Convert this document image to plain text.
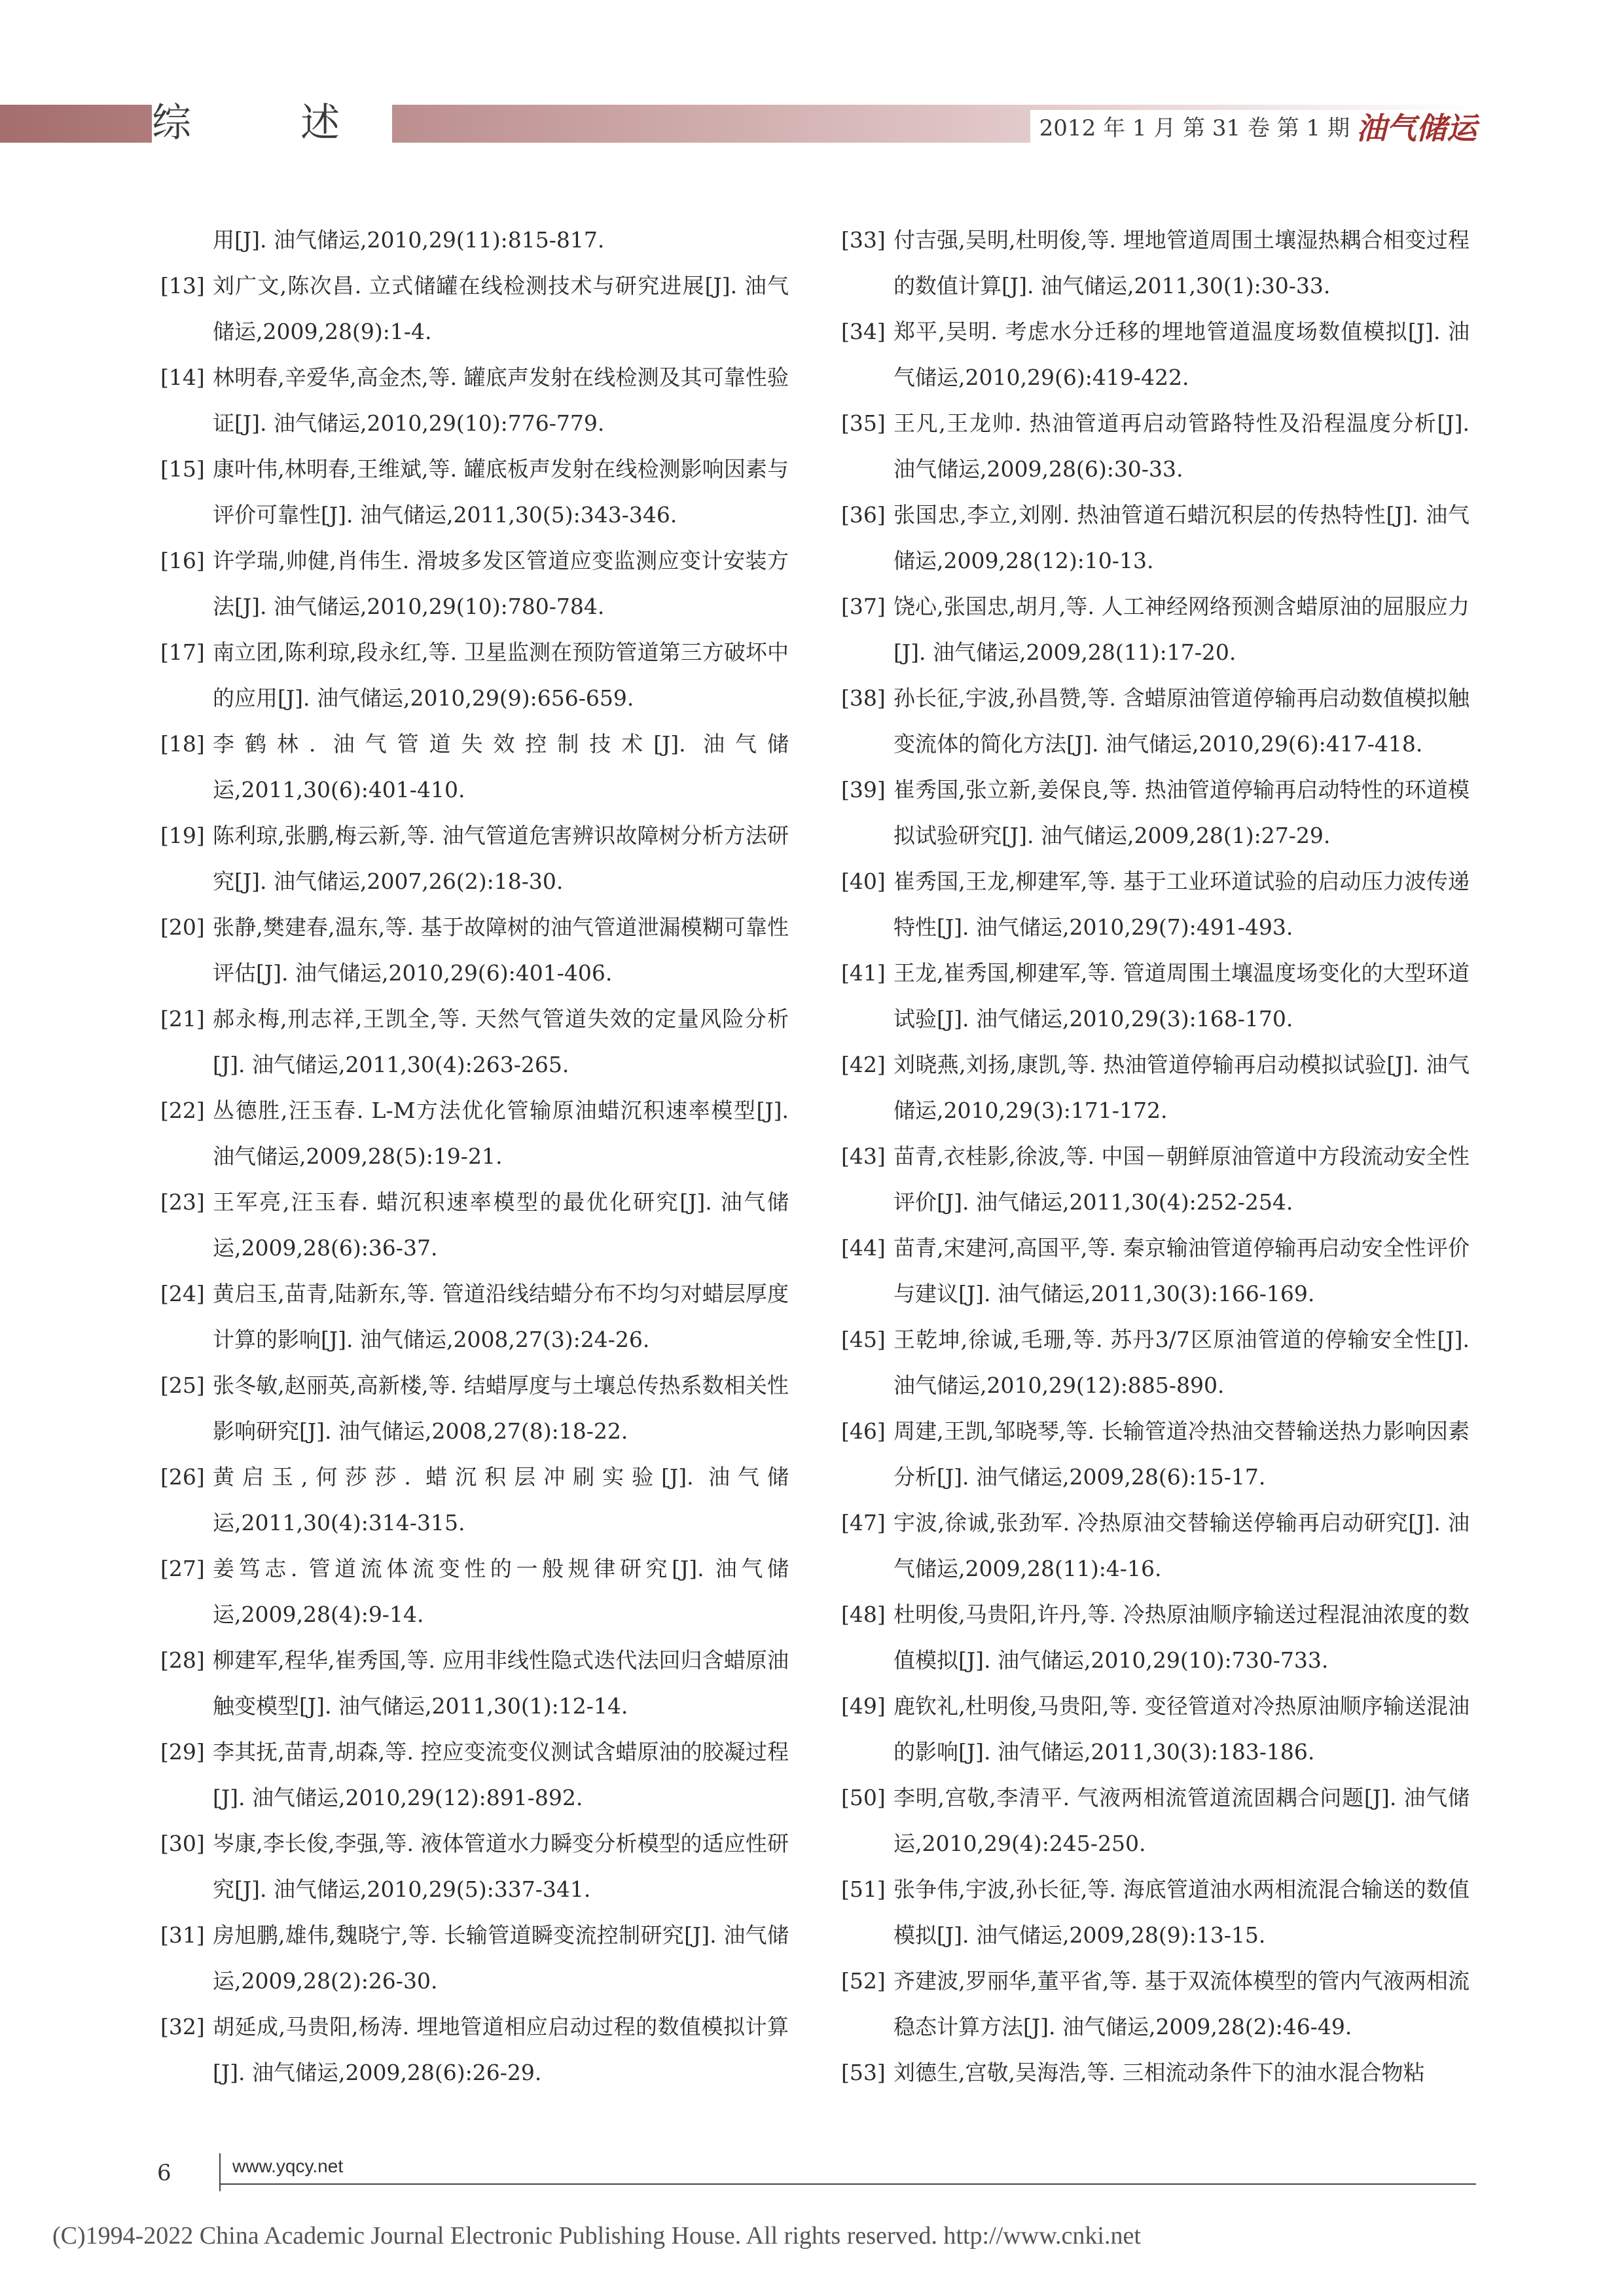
综 述	2012 年 1 月 第 31 卷 第 1 期 油气储运
用[J]. 油气储运,2010,29(11):815-817.
[13] 刘广文,陈次昌. 立式储罐在线检测技术与研究进展[J]. 油气储运,2009,28(9):1-4.
[14] 林明春,辛爱华,高金杰,等. 罐底声发射在线检测及其可靠性验证[J]. 油气储运,2010,29(10):776-779.
[15] 康叶伟,林明春,王维斌,等. 罐底板声发射在线检测影响因素与评价可靠性[J]. 油气储运,2011,30(5):343-346.
[16] 许学瑞,帅健,肖伟生. 滑坡多发区管道应变监测应变计安装方法[J]. 油气储运,2010,29(10):780-784.
[17] 南立团,陈利琼,段永红,等. 卫星监测在预防管道第三方破坏中的应用[J]. 油气储运,2010,29(9):656-659.
[18] 李鹤林. 油气管道失效控制技术[J]. 油气储运,2011,30(6):401-410.
[19] 陈利琼,张鹏,梅云新,等. 油气管道危害辨识故障树分析方法研究[J]. 油气储运,2007,26(2):18-30.
[20] 张静,樊建春,温东,等. 基于故障树的油气管道泄漏模糊可靠性评估[J]. 油气储运,2010,29(6):401-406.
[21] 郝永梅,刑志祥,王凯全,等. 天然气管道失效的定量风险分析[J]. 油气储运,2011,30(4):263-265.
[22] 丛德胜,汪玉春. L-M方法优化管输原油蜡沉积速率模型[J]. 油气储运,2009,28(5):19-21.
[23] 王军亮,汪玉春. 蜡沉积速率模型的最优化研究[J]. 油气储运,2009,28(6):36-37.
[24] 黄启玉,苗青,陆新东,等. 管道沿线结蜡分布不均匀对蜡层厚度计算的影响[J]. 油气储运,2008,27(3):24-26.
[25] 张冬敏,赵丽英,高新楼,等. 结蜡厚度与土壤总传热系数相关性影响研究[J]. 油气储运,2008,27(8):18-22.
[26] 黄启玉,何莎莎. 蜡沉积层冲刷实验[J]. 油气储运,2011,30(4):314-315.
[27] 姜笃志. 管道流体流变性的一般规律研究[J]. 油气储运,2009,28(4):9-14.
[28] 柳建军,程华,崔秀国,等. 应用非线性隐式迭代法回归含蜡原油触变模型[J]. 油气储运,2011,30(1):12-14.
[29] 李其抚,苗青,胡森,等. 控应变流变仪测试含蜡原油的胶凝过程[J]. 油气储运,2010,29(12):891-892.
[30] 岑康,李长俊,李强,等. 液体管道水力瞬变分析模型的适应性研究[J]. 油气储运,2010,29(5):337-341.
[31] 房旭鹏,雄伟,魏晓宁,等. 长输管道瞬变流控制研究[J]. 油气储运,2009,28(2):26-30.
[32] 胡延成,马贵阳,杨涛. 埋地管道相应启动过程的数值模拟计算[J]. 油气储运,2009,28(6):26-29.
[33] 付吉强,吴明,杜明俊,等. 埋地管道周围土壤湿热耦合相变过程的数值计算[J]. 油气储运,2011,30(1):30-33.
[34] 郑平,吴明. 考虑水分迁移的埋地管道温度场数值模拟[J]. 油气储运,2010,29(6):419-422.
[35] 王凡,王龙帅. 热油管道再启动管路特性及沿程温度分析[J]. 油气储运,2009,28(6):30-33.
[36] 张国忠,李立,刘刚. 热油管道石蜡沉积层的传热特性[J]. 油气储运,2009,28(12):10-13.
[37] 饶心,张国忠,胡月,等. 人工神经网络预测含蜡原油的屈服应力[J]. 油气储运,2009,28(11):17-20.
[38] 孙长征,宇波,孙昌赞,等. 含蜡原油管道停输再启动数值模拟触变流体的简化方法[J]. 油气储运,2010,29(6):417-418.
[39] 崔秀国,张立新,姜保良,等. 热油管道停输再启动特性的环道模拟试验研究[J]. 油气储运,2009,28(1):27-29.
[40] 崔秀国,王龙,柳建军,等. 基于工业环道试验的启动压力波传递特性[J]. 油气储运,2010,29(7):491-493.
[41] 王龙,崔秀国,柳建军,等. 管道周围土壤温度场变化的大型环道试验[J]. 油气储运,2010,29(3):168-170.
[42] 刘晓燕,刘扬,康凯,等. 热油管道停输再启动模拟试验[J]. 油气储运,2010,29(3):171-172.
[43] 苗青,衣桂影,徐波,等. 中国－朝鲜原油管道中方段流动安全性评价[J]. 油气储运,2011,30(4):252-254.
[44] 苗青,宋建河,高国平,等. 秦京输油管道停输再启动安全性评价与建议[J]. 油气储运,2011,30(3):166-169.
[45] 王乾坤,徐诚,毛珊,等. 苏丹3/7区原油管道的停输安全性[J]. 油气储运,2010,29(12):885-890.
[46] 周建,王凯,邹晓琴,等. 长输管道冷热油交替输送热力影响因素分析[J]. 油气储运,2009,28(6):15-17.
[47] 宇波,徐诚,张劲军. 冷热原油交替输送停输再启动研究[J]. 油气储运,2009,28(11):4-16.
[48] 杜明俊,马贵阳,许丹,等. 冷热原油顺序输送过程混油浓度的数值模拟[J]. 油气储运,2010,29(10):730-733.
[49] 鹿钦礼,杜明俊,马贵阳,等. 变径管道对冷热原油顺序输送混油的影响[J]. 油气储运,2011,30(3):183-186.
[50] 李明,宫敬,李清平. 气液两相流管道流固耦合问题[J]. 油气储运,2010,29(4):245-250.
[51] 张争伟,宇波,孙长征,等. 海底管道油水两相流混合输送的数值模拟[J]. 油气储运,2009,28(9):13-15.
[52] 齐建波,罗丽华,董平省,等. 基于双流体模型的管内气液两相流稳态计算方法[J]. 油气储运,2009,28(2):46-49.
[53] 刘德生,宫敬,吴海浩,等. 三相流动条件下的油水混合物粘
6	www.yqcy.net
(C)1994-2022 China Academic Journal Electronic Publishing House. All rights reserved. http://www.cnki.net
